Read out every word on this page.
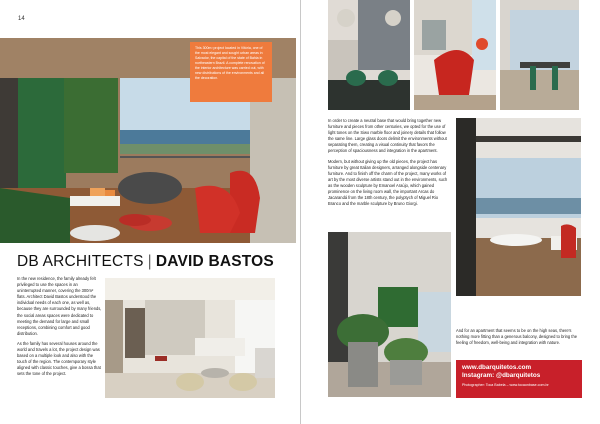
14
This 300m² project located in Vitória, one of the most elegant and sought urban areas in Salvador, the capital of the state of Bahia in northeastern Brazil. A complete renovation of the interior architecture was carried out, with new distributions of the environments and all the decoration.
DB ARCHITECTS | DAVID BASTOS

In the new residence, the family already felt privileged to use the spaces in an uninterrupted manner, covering the 300m² flats. Architect David Bastos understood the individual needs of each one, as well as, because they are surrounded by many friends, the social areas spaces were dedicated to meeting the demand for large and small receptions, combining comfort and good distribution.

As the family has several houses around the world and travels a lot, the project design was based on a multiple look and also with the touch of the region. The contemporary style aligned with classic touches, give a bossa that sets the tone of the project.

In order to create a neutral base that would bring together new furniture and pieces from other centuries, we opted for the use of light tones on the Siwo marble floor and joinery details that follow the same line. Large glass doors delimit the environments without separating them, creating a visual continuity that favors the perception of spaciousness and integration in the apartment.

Modern, but without giving up the old pieces, the project has furniture by great Italian designers, arranged alongside centenary furniture. And to finish off the charm of the project, many works of art by the most diverse artists stand out in the environments, such as the wooden sculpture by Emanoel Araújo, which gained prominence on the living room wall, the important Arcas do Jacarandá from the 18th century, the polyptych of Miguel Rio Branco and the marble sculpture by Bruno Giorgi.

And for an apartment that seems to be on the high seas, there's nothing more fitting than a generous balcony, designed to bring the feeling of freedom, well-being and integration with nature.

www.dbarquitetos.com
Instagram: @dbarquitetos
Photographer: Toca Babela – www.tocaonbase.com.br
